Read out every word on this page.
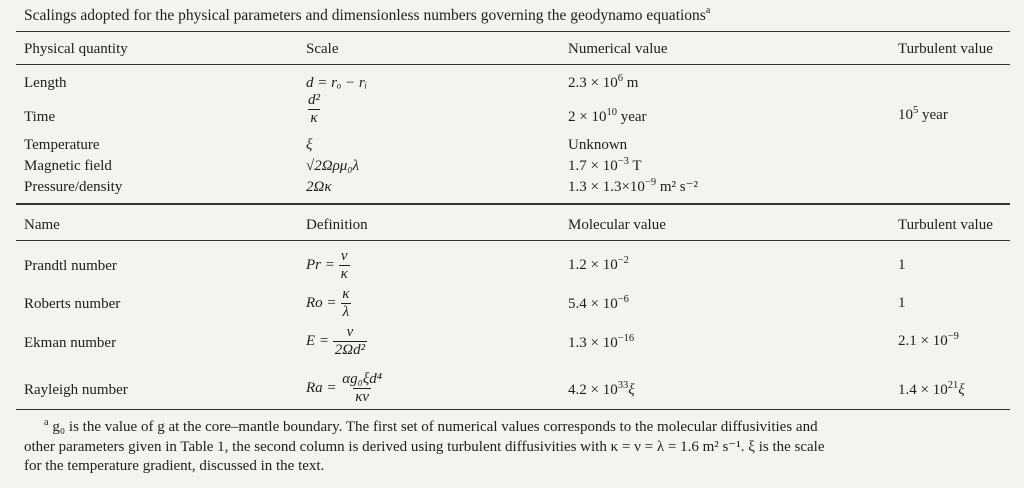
Scalings adopted for the physical parameters and dimensionless numbers governing the geodynamo equations$^a$
Physical quantity	Scale	Numerical value	Turbulent value
Length	d = rₒ − rᵢ	$2.3 \times 10^6$ m
Time	$\frac{\text{d²}}{\kappa}$	$2 \times 10^{10}$ year	$10^5$ year
Temperature	ξ	Unknown
Magnetic field	√2Ωρμ₀λ	$1.7 \times 10^{-3}$ T
Pressure/density	2Ωκ	$1.3 \times 1.3\times 10^{-9}$ m² s⁻²
Name	Definition	Molecular value	Turbulent value
Prandtl number	$Pr = \frac{\nu}{\kappa}$	$1.2 \times 10^{-2}$	1
Roberts number	$Ro = \frac{\kappa}{\lambda}$	$5.4 \times 10^{-6}$	1
Ekman number	$E = \frac{\nu}{\text{2Ωd²}}$	$1.3 \times 10^{-16}$	$2.1 \times 10^{-9}$
Rayleigh number	$Ra = \frac{\text{αg₀ξd⁴}}{\kappa\nu}$	$4.2 \times 10^{33}\xi$	$1.4 \times 10^{21}\xi$
$^a$ g₀ is the value of g at the core–mantle boundary. The first set of numerical values corresponds to the molecular diffusivities and
other parameters given in Table 1, the second column is derived using turbulent diffusivities with κ = ν = λ = 1.6 m² s⁻¹. ξ is the scale
for the temperature gradient, discussed in the text.
